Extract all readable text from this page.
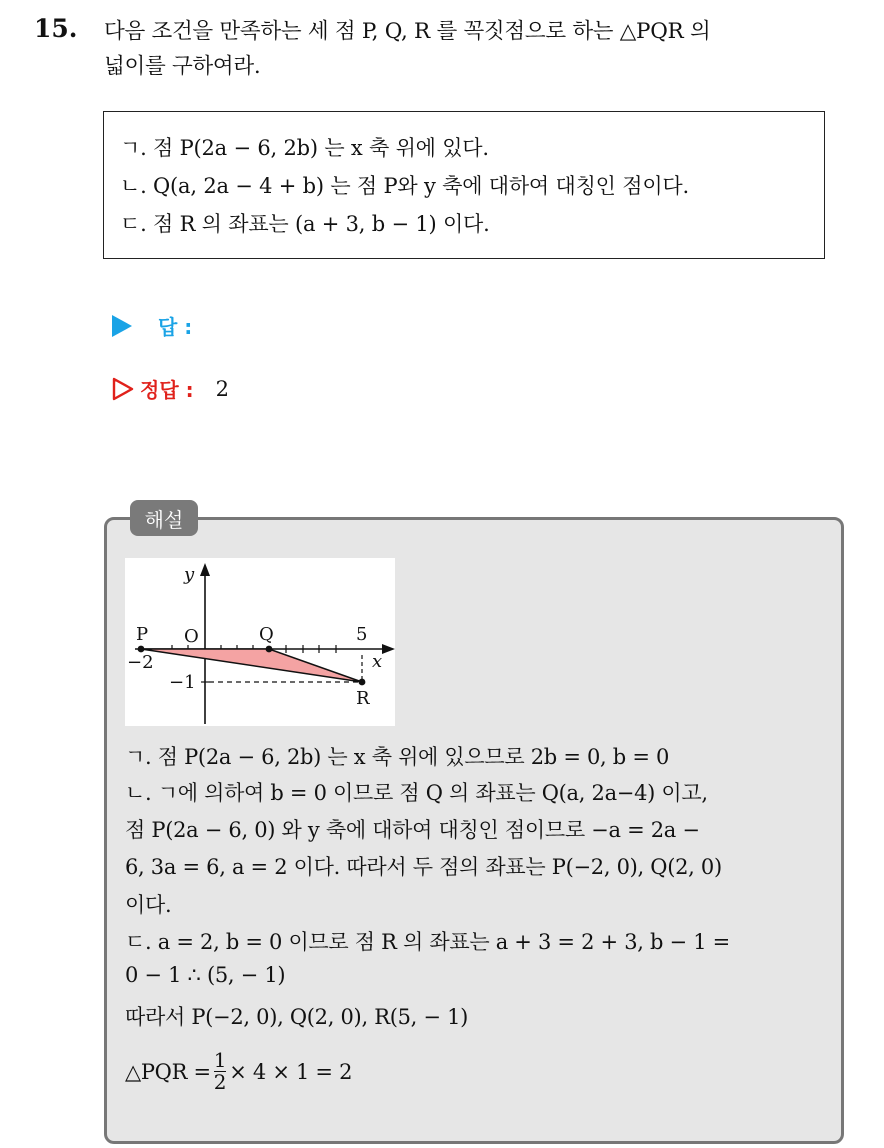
15. 다음 조건을 만족하는 세 점 P, Q, R 를 꼭짓점으로 하는 △PQR 의
넓이를 구하여라.
ㄱ. 점 P(2a − 6, 2b) 는 x 축 위에 있다.
ㄴ. Q(a, 2a − 4 + b) 는 점 P와 y 축에 대하여 대칭인 점이다.
ㄷ. 점 R 의 좌표는 (a + 3, b − 1) 이다.
답 :
정답 : 2
해설
y
x
O
P	Q
R
5
−2
−1
ㄱ. 점 P(2a − 6, 2b) 는 x 축 위에 있으므로 2b = 0, b = 0
ㄴ. ㄱ에 의하여 b = 0 이므로 점 Q 의 좌표는 Q(a, 2a−4) 이고,
점 P(2a − 6, 0) 와 y 축에 대하여 대칭인 점이므로 −a = 2a −
6, 3a = 6, a = 2 이다. 따라서 두 점의 좌표는 P(−2, 0), Q(2, 0)
이다.
ㄷ. a = 2, b = 0 이므로 점 R 의 좌표는 a + 3 = 2 + 3, b − 1 =
0 − 1 ∴ (5, − 1)
따라서 P(−2, 0), Q(2, 0), R(5, − 1)
△PQR = $\frac{1}{2} \times 4 \times 1 = 2$
